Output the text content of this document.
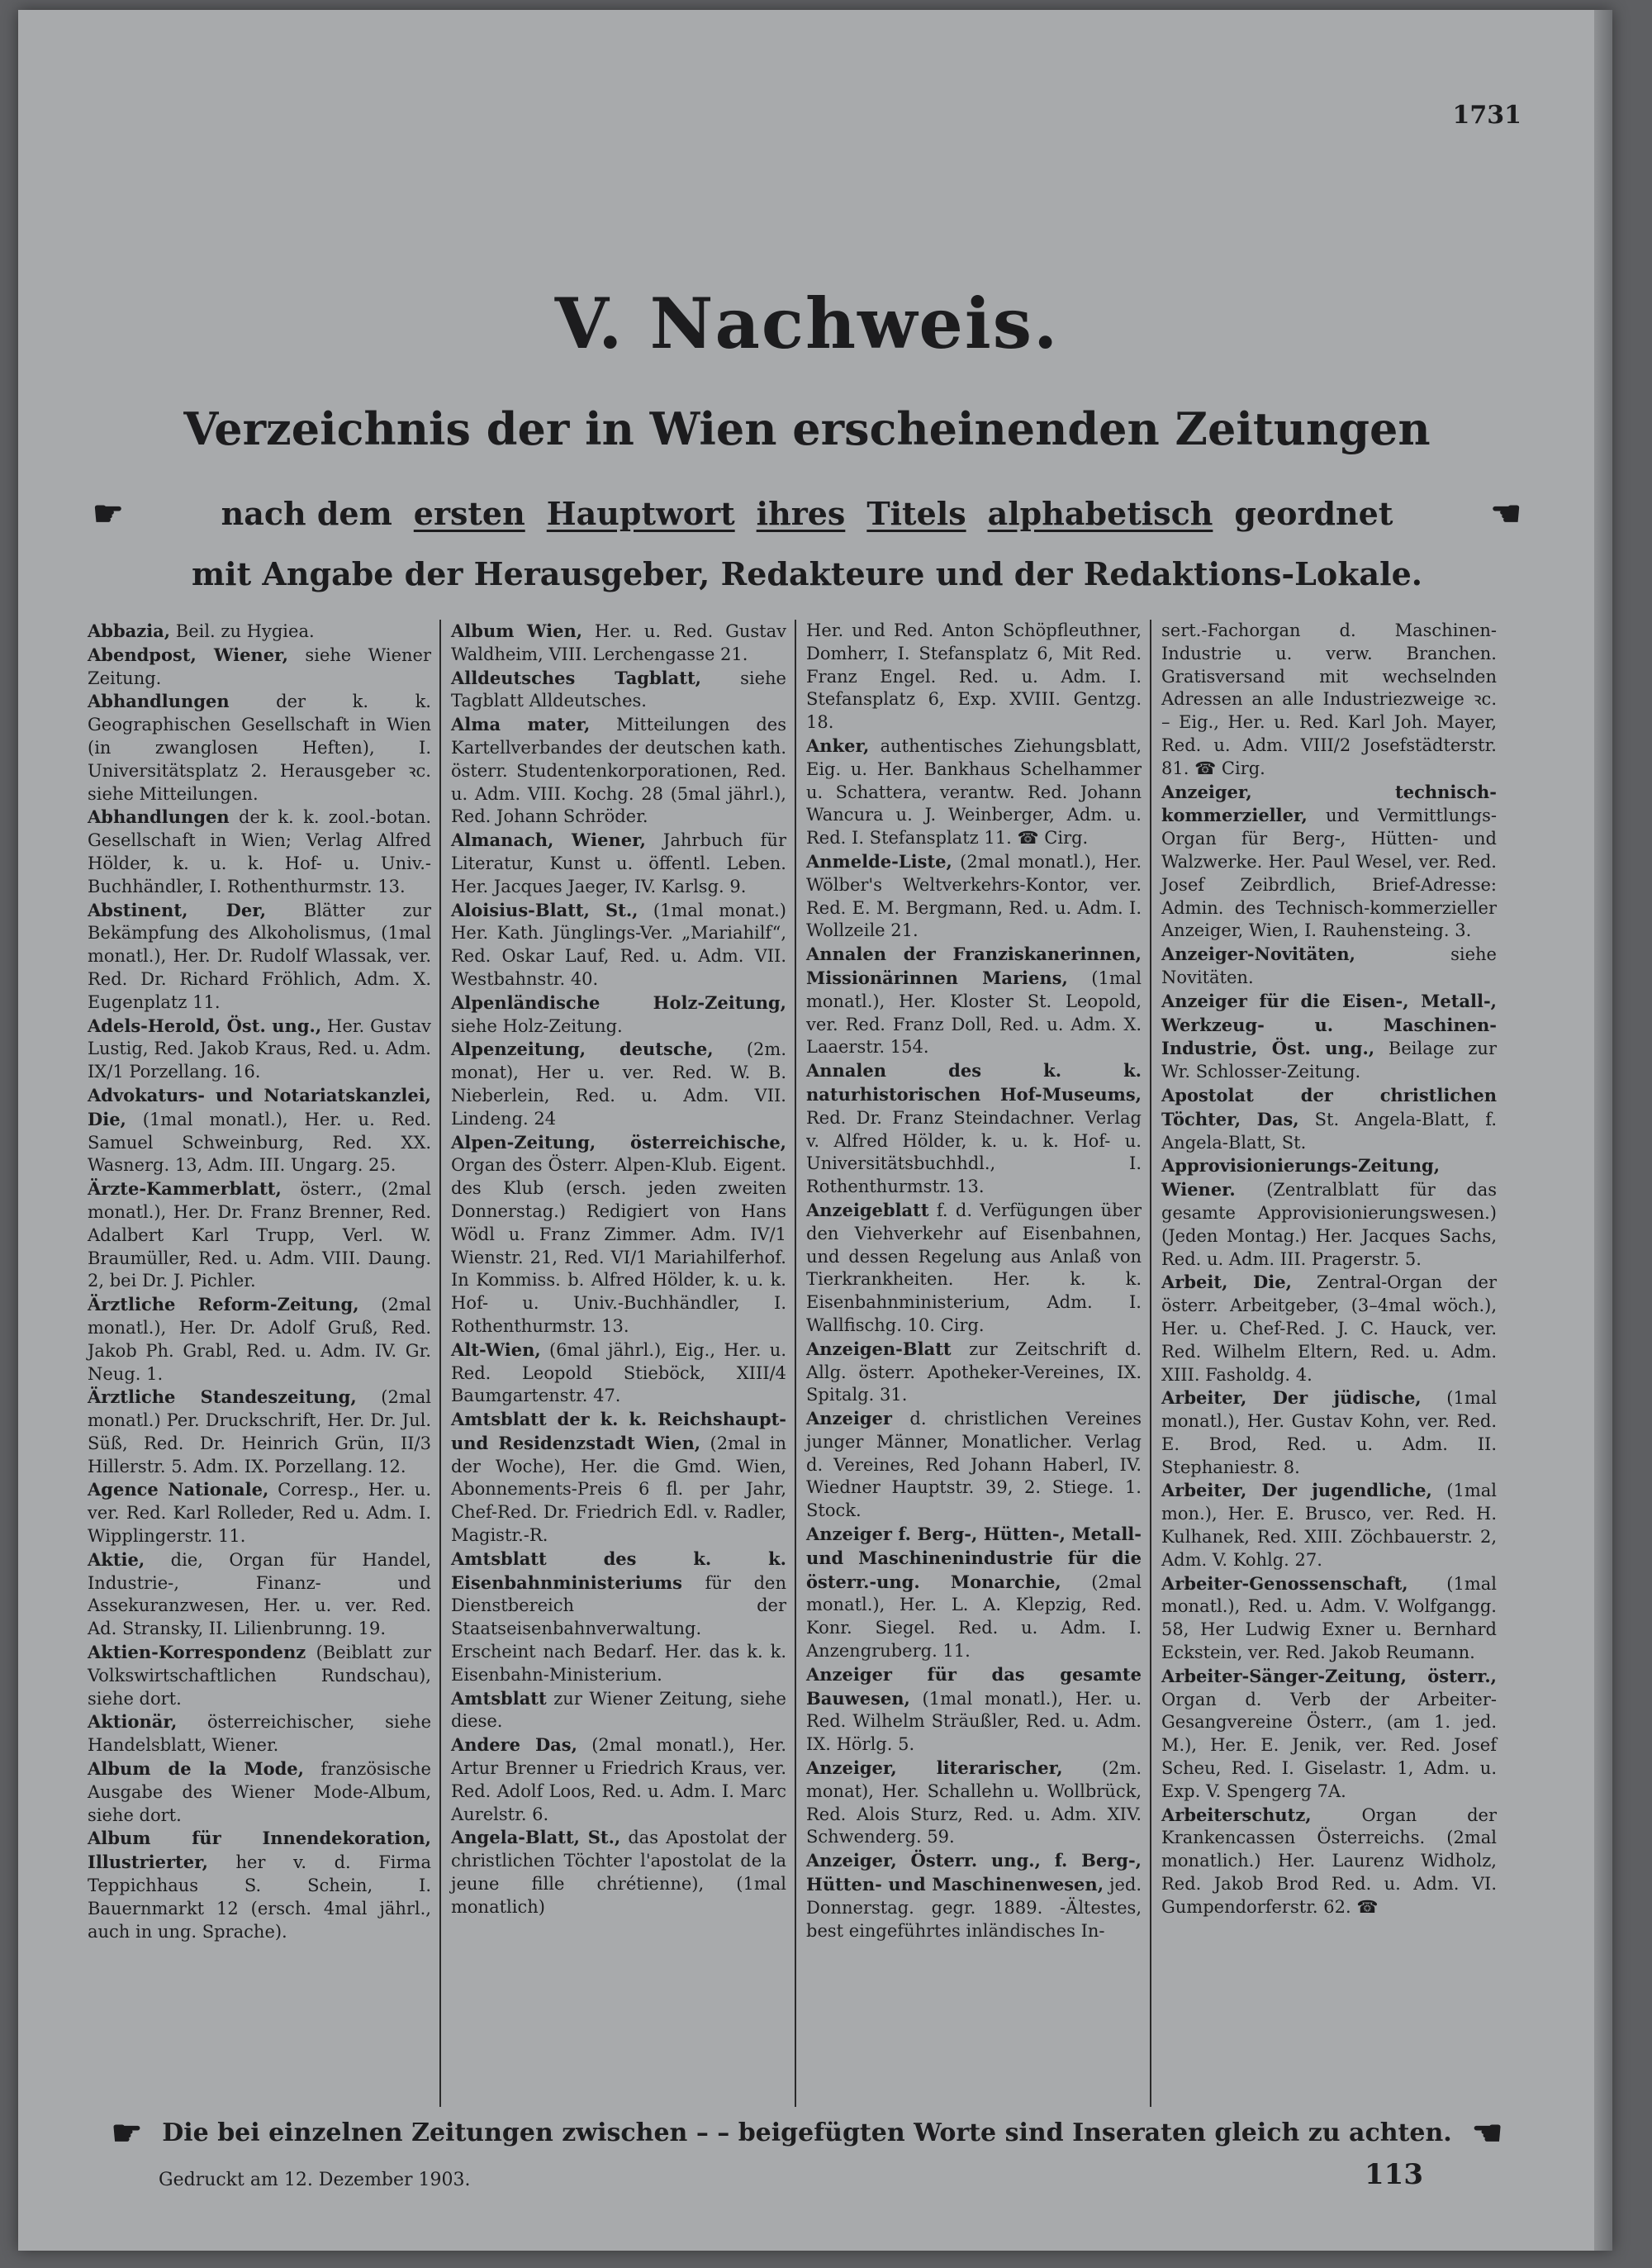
1731
V. Nachweis.
Verzeichnis der in Wien erscheinenden Zeitungen
☛	nach dem ersten Hauptwort ihres Titels alphabetisch geordnet	☚
mit Angabe der Herausgeber, Redakteure und der Redaktions-Lokale.

Abbazia, Beil. zu Hygiea.

Abendpost, Wiener, siehe Wiener Zeitung.

Abhandlungen der k. k. Geographischen Gesellschaft in Wien (in zwanglosen Heften), I. Universitätsplatz 2. Herausgeber ꝛc. siehe Mitteilungen.

Abhandlungen der k. k. zool.-botan. Gesellschaft in Wien; Verlag Alfred Hölder, k. u. k. Hof- u. Univ.-Buchhändler, I. Rothenthurmstr. 13.

Abstinent, Der, Blätter zur Bekämpfung des Alkoholismus, (1mal monatl.), Her. Dr. Rudolf Wlassak, ver. Red. Dr. Richard Fröhlich, Adm. X. Eugenplatz 11.

Adels-Herold, Öst. ung., Her. Gustav Lustig, Red. Jakob Kraus, Red. u. Adm. IX/1 Porzellang. 16.

Advokaturs- und Notariatskanzlei, Die, (1mal monatl.), Her. u. Red. Samuel Schweinburg, Red. XX. Wasnerg. 13, Adm. III. Ungarg. 25.

Ärzte-Kammerblatt, österr., (2mal monatl.), Her. Dr. Franz Brenner, Red. Adalbert Karl Trupp, Verl. W. Braumüller, Red. u. Adm. VIII. Daung. 2, bei Dr. J. Pichler.

Ärztliche Reform-Zeitung, (2mal monatl.), Her. Dr. Adolf Gruß, Red. Jakob Ph. Grabl, Red. u. Adm. IV. Gr. Neug. 1.

Ärztliche Standeszeitung, (2mal monatl.) Per. Druckschrift, Her. Dr. Jul. Süß, Red. Dr. Heinrich Grün, II/3 Hillerstr. 5. Adm. IX. Porzellang. 12.

Agence Nationale, Corresp., Her. u. ver. Red. Karl Rolleder, Red u. Adm. I. Wipplingerstr. 11.

Aktie, die, Organ für Handel, Industrie-, Finanz- und Assekuranzwesen, Her. u. ver. Red. Ad. Stransky, II. Lilienbrunng. 19.

Aktien-Korrespondenz (Beiblatt zur Volkswirtschaftlichen Rundschau), siehe dort.

Aktionär, österreichischer, siehe Handelsblatt, Wiener.

Album de la Mode, französische Ausgabe des Wiener Mode-Album, siehe dort.

Album für Innendekoration, Illustrierter, her v. d. Firma Teppichhaus S. Schein, I. Bauernmarkt 12 (ersch. 4mal jährl., auch in ung. Sprache).

Album Wien, Her. u. Red. Gustav Waldheim, VIII. Lerchengasse 21.

Alldeutsches Tagblatt, siehe Tagblatt Alldeutsches.

Alma mater, Mitteilungen des Kartellverbandes der deutschen kath. österr. Studentenkorporationen, Red. u. Adm. VIII. Kochg. 28 (5mal jährl.), Red. Johann Schröder.

Almanach, Wiener, Jahrbuch für Literatur, Kunst u. öffentl. Leben. Her. Jacques Jaeger, IV. Karlsg. 9.

Aloisius-Blatt, St., (1mal monat.) Her. Kath. Jünglings-Ver. „Mariahilf“, Red. Oskar Lauf, Red. u. Adm. VII. Westbahnstr. 40.

Alpenländische Holz-Zeitung, siehe Holz-Zeitung.

Alpenzeitung, deutsche, (2m. monat), Her u. ver. Red. W. B. Nieberlein, Red. u. Adm. VII. Lindeng. 24

Alpen-Zeitung, österreichische, Organ des Österr. Alpen-Klub. Eigent. des Klub (ersch. jeden zweiten Donnerstag.) Redigiert von Hans Wödl u. Franz Zimmer. Adm. IV/1 Wienstr. 21, Red. VI/1 Mariahilferhof. In Kommiss. b. Alfred Hölder, k. u. k. Hof- u. Univ.-Buchhändler, I. Rothenthurmstr. 13.

Alt-Wien, (6mal jährl.), Eig., Her. u. Red. Leopold Stieböck, XIII/4 Baumgartenstr. 47.

Amtsblatt der k. k. Reichshaupt- und Residenzstadt Wien, (2mal in der Woche), Her. die Gmd. Wien, Abonnements-Preis 6 fl. per Jahr, Chef-Red. Dr. Friedrich Edl. v. Radler, Magistr.-R.

Amtsblatt des k. k. Eisenbahnministeriums für den Dienstbereich der Staatseisenbahnverwaltung. Erscheint nach Bedarf. Her. das k. k. Eisenbahn-Ministerium.

Amtsblatt zur Wiener Zeitung, siehe diese.

Andere Das, (2mal monatl.), Her. Artur Brenner u Friedrich Kraus, ver. Red. Adolf Loos, Red. u. Adm. I. Marc Aurelstr. 6.

Angela-Blatt, St., das Apostolat der christlichen Töchter l'apostolat de la jeune fille chrétienne), (1mal monatlich)

Her. und Red. Anton Schöpfleuthner, Domherr, I. Stefansplatz 6, Mit Red. Franz Engel. Red. u. Adm. I. Stefansplatz 6, Exp. XVIII. Gentzg. 18.

Anker, authentisches Ziehungsblatt, Eig. u. Her. Bankhaus Schelhammer u. Schattera, verantw. Red. Johann Wancura u. J. Weinberger, Adm. u. Red. I. Stefansplatz 11. ☎ Cirg.

Anmelde-Liste, (2mal monatl.), Her. Wölber's Weltverkehrs-Kontor, ver. Red. E. M. Bergmann, Red. u. Adm. I. Wollzeile 21.

Annalen der Franziskanerinnen, Missionärinnen Mariens, (1mal monatl.), Her. Kloster St. Leopold, ver. Red. Franz Doll, Red. u. Adm. X. Laaerstr. 154.

Annalen des k. k. naturhistorischen Hof-Museums, Red. Dr. Franz Steindachner. Verlag v. Alfred Hölder, k. u. k. Hof- u. Universitätsbuchhdl., I. Rothenthurmstr. 13.

Anzeigeblatt f. d. Verfügungen über den Viehverkehr auf Eisenbahnen, und dessen Regelung aus Anlaß von Tierkrankheiten. Her. k. k. Eisenbahnministerium, Adm. I. Wallfischg. 10. Cirg.

Anzeigen-Blatt zur Zeitschrift d. Allg. österr. Apotheker-Vereines, IX. Spitalg. 31.

Anzeiger d. christlichen Vereines junger Männer, Monatlicher. Verlag d. Vereines, Red Johann Haberl, IV. Wiedner Hauptstr. 39, 2. Stiege. 1. Stock.

Anzeiger f. Berg-, Hütten-, Metall- und Maschinenindustrie für die österr.-ung. Monarchie, (2mal monatl.), Her. L. A. Klepzig, Red. Konr. Siegel. Red. u. Adm. I. Anzengruberg. 11.

Anzeiger für das gesamte Bauwesen, (1mal monatl.), Her. u. Red. Wilhelm Sträußler, Red. u. Adm. IX. Hörlg. 5.

Anzeiger, literarischer, (2m. monat), Her. Schallehn u. Wollbrück, Red. Alois Sturz, Red. u. Adm. XIV. Schwenderg. 59.

Anzeiger, Österr. ung., f. Berg-, Hütten- und Maschinenwesen, jed. Donnerstag. gegr. 1889. -Ältestes, best eingeführtes inländisches In-

sert.-Fachorgan d. Maschinen-Industrie u. verw. Branchen. Gratisversand mit wechselnden Adressen an alle Industriezweige ꝛc. – Eig., Her. u. Red. Karl Joh. Mayer, Red. u. Adm. VIII/2 Josefstädterstr. 81. ☎ Cirg.

Anzeiger, technisch-kommerzieller, und Vermittlungs-Organ für Berg-, Hütten- und Walzwerke. Her. Paul Wesel, ver. Red. Josef Zeibrdlich, Brief-Adresse: Admin. des Technisch-kommerzieller Anzeiger, Wien, I. Rauhensteing. 3.

Anzeiger-Novitäten, siehe Novitäten.

Anzeiger für die Eisen-, Metall-, Werkzeug- u. Maschinen-Industrie, Öst. ung., Beilage zur Wr. Schlosser-Zeitung.

Apostolat der christlichen Töchter, Das, St. Angela-Blatt, f. Angela-Blatt, St.

Approvisionierungs-Zeitung, Wiener. (Zentralblatt für das gesamte Approvisionierungswesen.) (Jeden Montag.) Her. Jacques Sachs, Red. u. Adm. III. Pragerstr. 5.

Arbeit, Die, Zentral-Organ der österr. Arbeitgeber, (3–4mal wöch.), Her. u. Chef-Red. J. C. Hauck, ver. Red. Wilhelm Eltern, Red. u. Adm. XIII. Fasholdg. 4.

Arbeiter, Der jüdische, (1mal monatl.), Her. Gustav Kohn, ver. Red. E. Brod, Red. u. Adm. II. Stephaniestr. 8.

Arbeiter, Der jugendliche, (1mal mon.), Her. E. Brusco, ver. Red. H. Kulhanek, Red. XIII. Zöchbauerstr. 2, Adm. V. Kohlg. 27.

Arbeiter-Genossenschaft, (1mal monatl.), Red. u. Adm. V. Wolfgangg. 58, Her Ludwig Exner u. Bernhard Eckstein, ver. Red. Jakob Reumann.

Arbeiter-Sänger-Zeitung, österr., Organ d. Verb der Arbeiter-Gesangvereine Österr., (am 1. jed. M.), Her. E. Jenik, ver. Red. Josef Scheu, Red. I. Giselastr. 1, Adm. u. Exp. V. Spengerg 7A.

Arbeiterschutz, Organ der Krankencassen Österreichs. (2mal monatlich.) Her. Laurenz Widholz, Red. Jakob Brod Red. u. Adm. VI. Gumpendorferstr. 62. ☎

☛ Die bei einzelnen Zeitungen zwischen – – beigefügten Worte sind Inseraten gleich zu achten. ☚
Gedruckt am 12. Dezember 1903.	113
